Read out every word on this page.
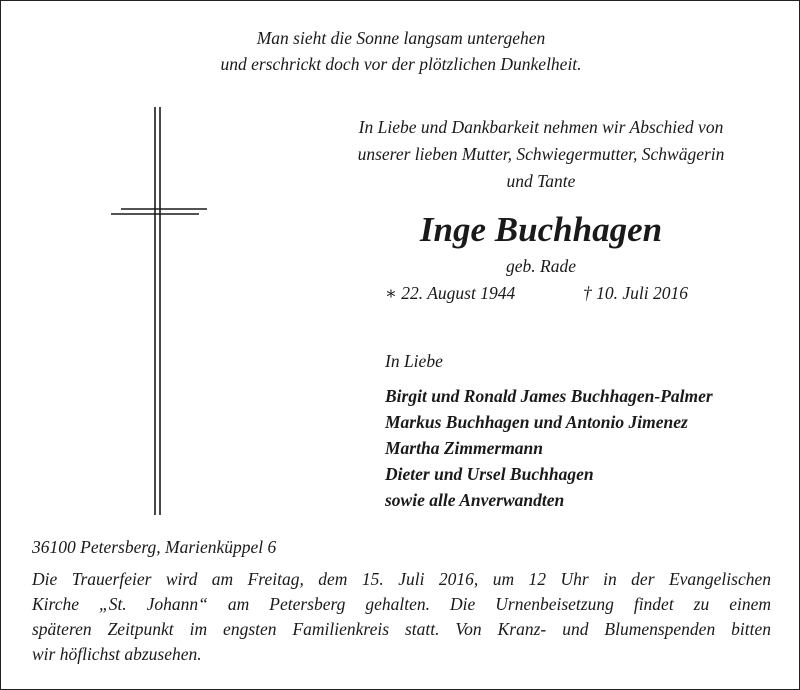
Man sieht die Sonne langsam untergehen
und erschrickt doch vor der plötzlichen Dunkelheit.
In Liebe und Dankbarkeit nehmen wir Abschied von
unserer lieben Mutter, Schwiegermutter, Schwägerin
und Tante
Inge Buchhagen
geb. Rade
∗ 22. August 1944	† 10. Juli 2016
In Liebe
Birgit und Ronald James Buchhagen-Palmer
Markus Buchhagen und Antonio Jimenez
Martha Zimmermann
Dieter und Ursel Buchhagen
sowie alle Anverwandten
36100 Petersberg, Marienküppel 6
Die Trauerfeier wird am Freitag, dem 15. Juli 2016, um 12 Uhr in der Evangelischen
Kirche „St. Johann“ am Petersberg gehalten. Die Urnenbeisetzung findet zu einem
späteren Zeitpunkt im engsten Familienkreis statt. Von Kranz- und Blumenspenden bitten
wir höflichst abzusehen.
